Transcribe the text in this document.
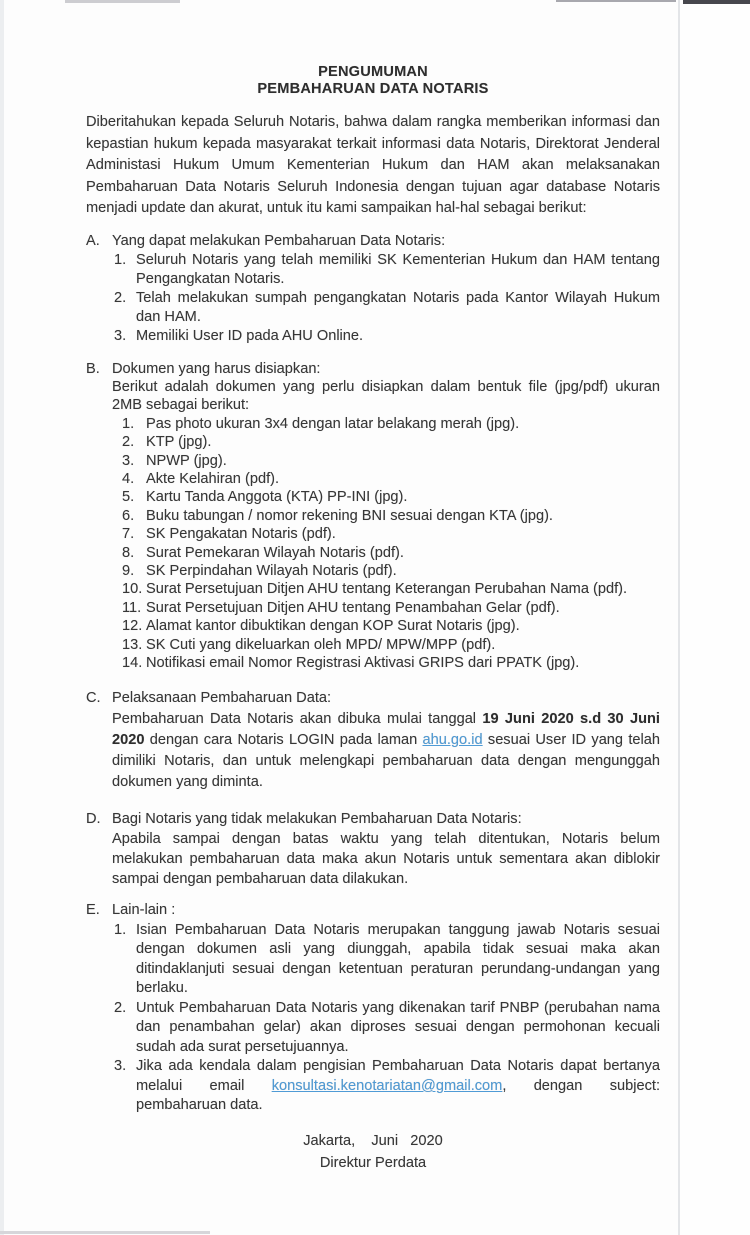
PENGUMUMAN
PEMBAHARUAN DATA NOTARIS

Diberitahukan kepada Seluruh Notaris, bahwa dalam rangka memberikan informasi dan kepastian hukum kepada masyarakat terkait informasi data Notaris, Direktorat Jenderal Administasi Hukum Umum Kementerian Hukum dan HAM akan melaksanakan Pembaharuan Data Notaris Seluruh Indonesia dengan tujuan agar database Notaris menjadi update dan akurat, untuk itu kami sampaikan hal-hal sebagai berikut:

A. Yang dapat melakukan Pembaharuan Data Notaris:
1. Seluruh Notaris yang telah memiliki SK Kementerian Hukum dan HAM tentang Pengangkatan Notaris.
2. Telah melakukan sumpah pengangkatan Notaris pada Kantor Wilayah Hukum dan HAM.
3. Memiliki User ID pada AHU Online.
B. Dokumen yang harus disiapkan:
Berikut adalah dokumen yang perlu disiapkan dalam bentuk file (jpg/pdf) ukuran 2MB sebagai berikut:
1. Pas photo ukuran 3x4 dengan latar belakang merah (jpg).
2. KTP (jpg).
3. NPWP (jpg).
4. Akte Kelahiran (pdf).
5. Kartu Tanda Anggota (KTA) PP-INI (jpg).
6. Buku tabungan / nomor rekening BNI sesuai dengan KTA (jpg).
7. SK Pengakatan Notaris (pdf).
8. Surat Pemekaran Wilayah Notaris (pdf).
9. SK Perpindahan Wilayah Notaris (pdf).
10. Surat Persetujuan Ditjen AHU tentang Keterangan Perubahan Nama (pdf).
11. Surat Persetujuan Ditjen AHU tentang Penambahan Gelar (pdf).
12. Alamat kantor dibuktikan dengan KOP Surat Notaris (jpg).
13. SK Cuti yang dikeluarkan oleh MPD/ MPW/MPP (pdf).
14. Notifikasi email Nomor Registrasi Aktivasi GRIPS dari PPATK (jpg).
C. Pelaksanaan Pembaharuan Data:
Pembaharuan Data Notaris akan dibuka mulai tanggal 19 Juni 2020 s.d 30 Juni 2020 dengan cara Notaris LOGIN pada laman ahu.go.id sesuai User ID yang telah dimiliki Notaris, dan untuk melengkapi pembaharuan data dengan mengunggah dokumen yang diminta.
D. Bagi Notaris yang tidak melakukan Pembaharuan Data Notaris:
Apabila sampai dengan batas waktu yang telah ditentukan, Notaris belum melakukan pembaharuan data maka akun Notaris untuk sementara akan diblokir sampai dengan pembaharuan data dilakukan.
E. Lain-lain :
1. Isian Pembaharuan Data Notaris merupakan tanggung jawab Notaris sesuai dengan dokumen asli yang diunggah, apabila tidak sesuai maka akan ditindaklanjuti sesuai dengan ketentuan peraturan perundang-undangan yang berlaku.
2. Untuk Pembaharuan Data Notaris yang dikenakan tarif PNBP (perubahan nama dan penambahan gelar) akan diproses sesuai dengan permohonan kecuali sudah ada surat persetujuannya.
3. Jika ada kendala dalam pengisian Pembaharuan Data Notaris dapat bertanya melalui email konsultasi.kenotariatan@gmail.com, dengan subject: pembaharuan data.
Jakarta,    Juni   2020
Direktur Perdata
